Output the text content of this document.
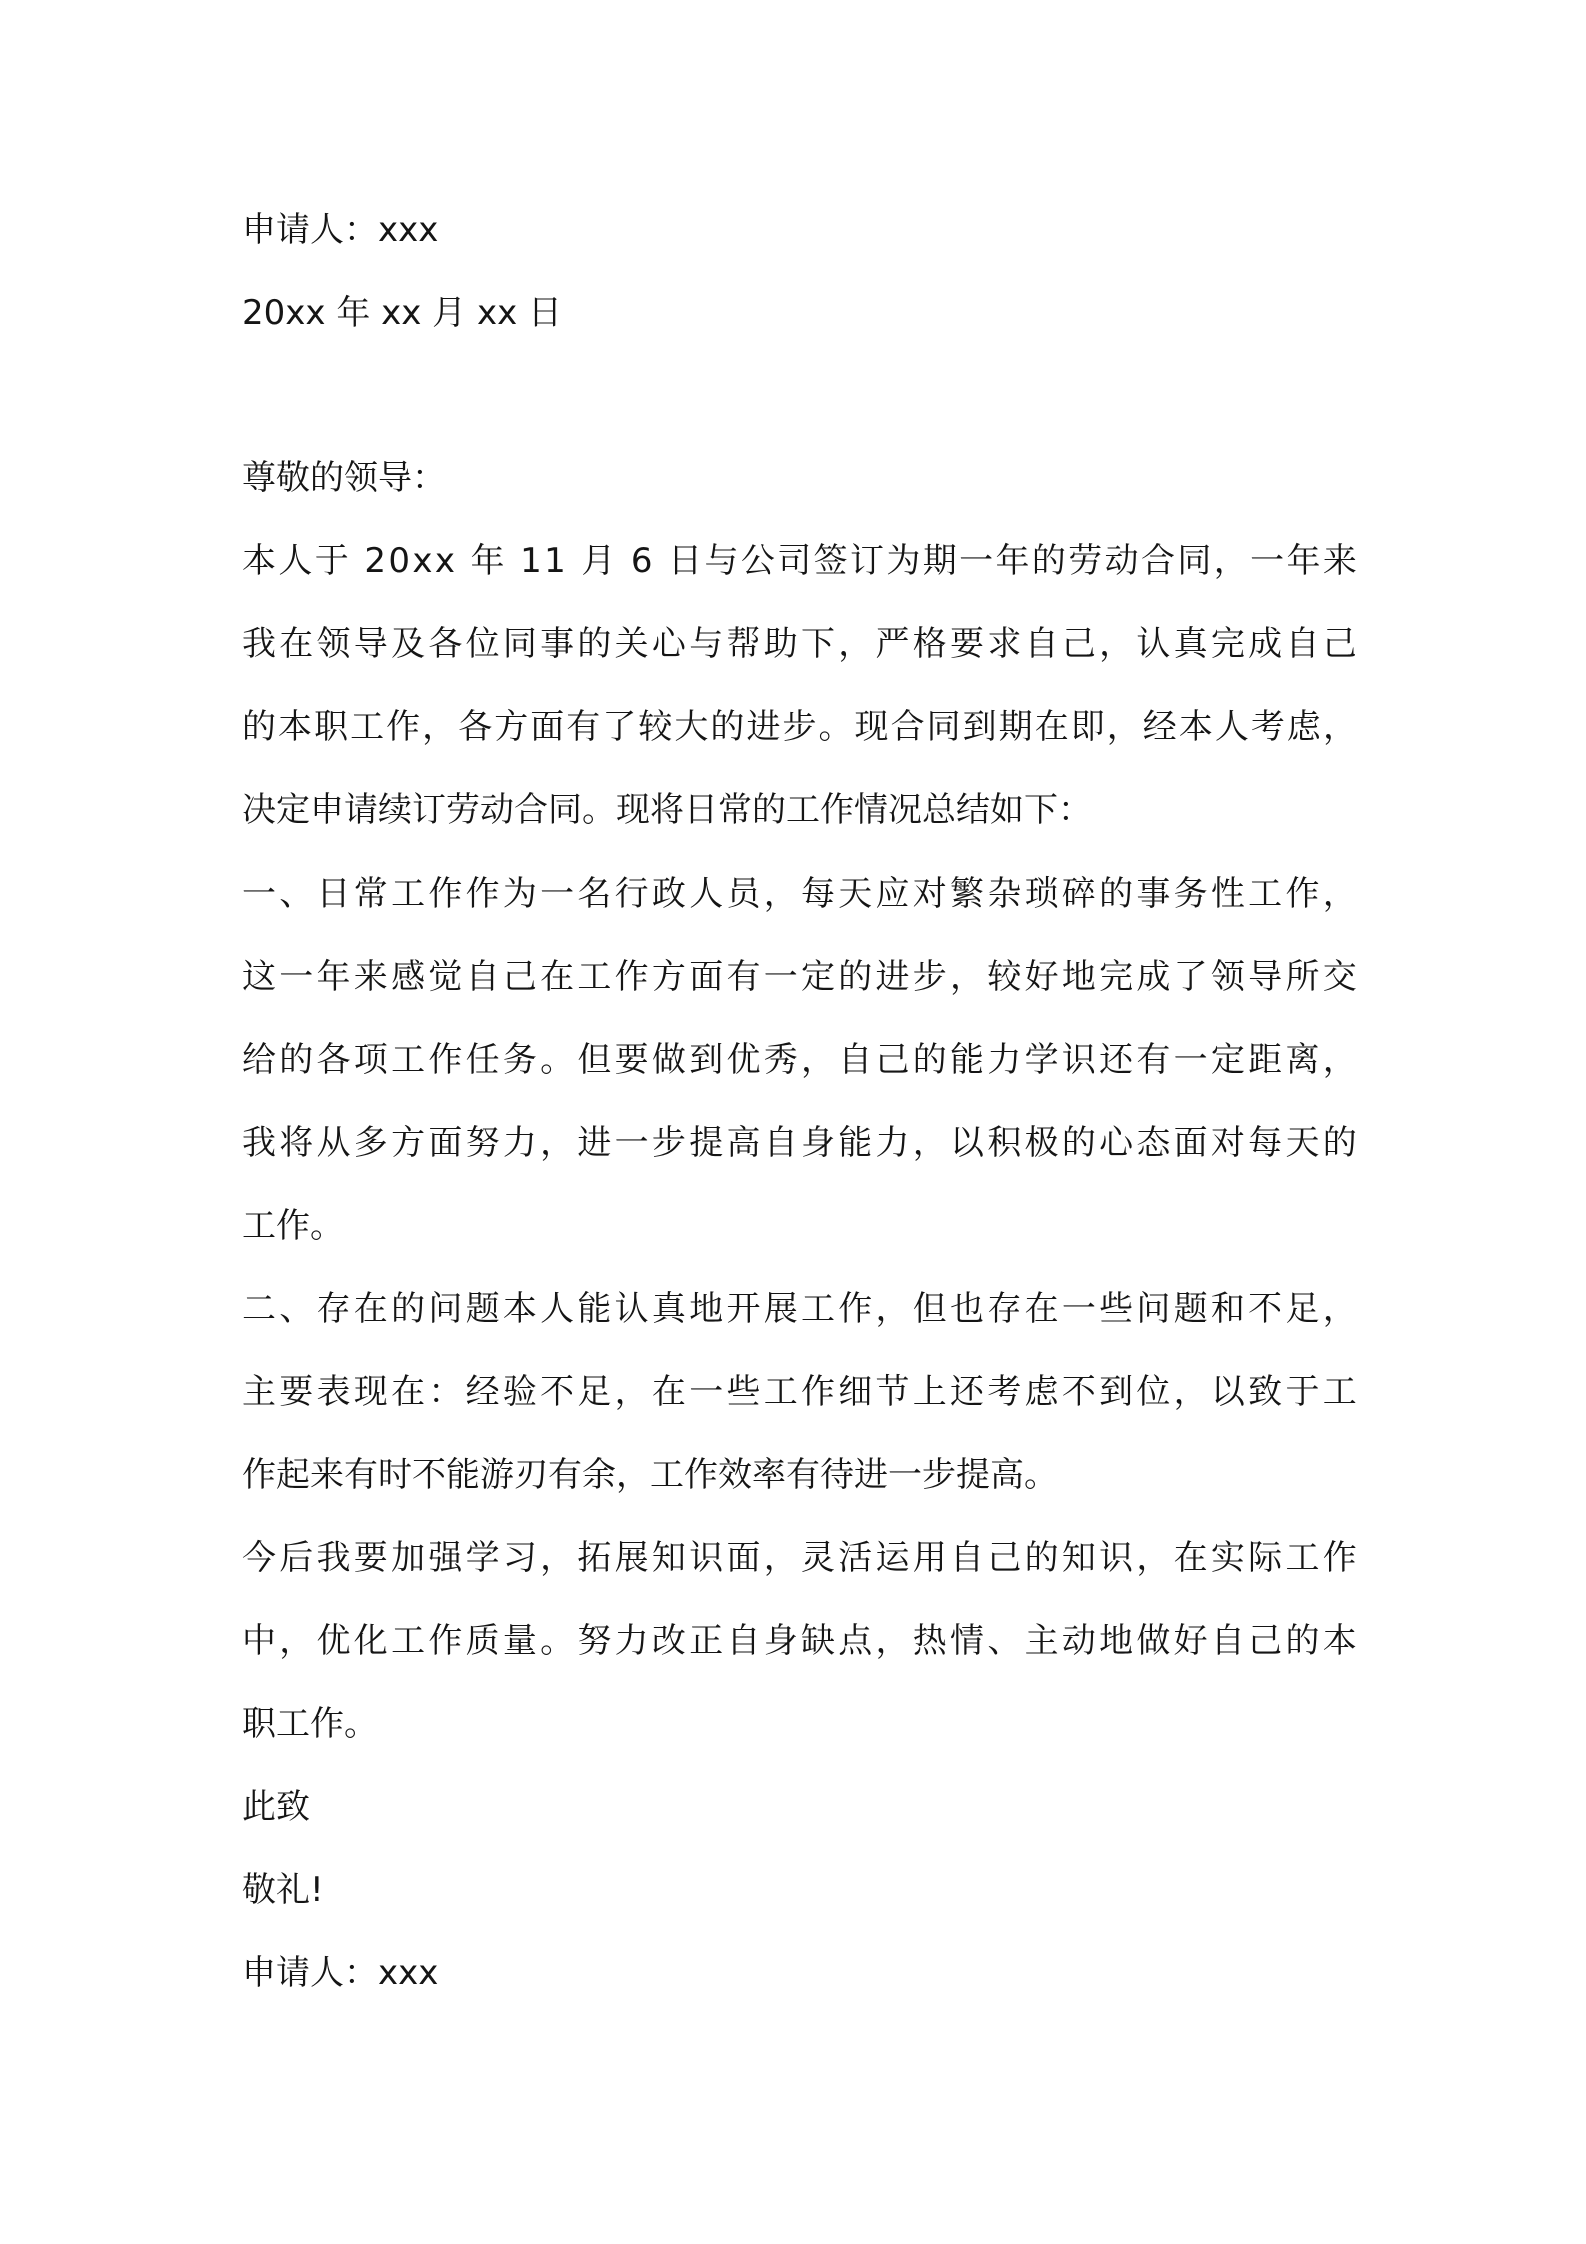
申请人：xxx
20xx 年 xx 月 xx 日
尊敬的领导：
本 人 于
2 0 x x
年
1 1
月
6
日 与 公 司 签 订 为 期 一 年 的 劳 动 合 同 ， 一 年 来
我 在 领 导 及 各 位 同 事 的 关 心 与 帮 助 下 ， 严 格 要 求 自 己 ， 认 真 完 成 自 己
的 本 职 工 作 ， 各 方 面 有 了 较 大 的 进 步 。 现 合 同 到 期 在 即 ， 经 本 人 考 虑 ，
决定申请续订劳动合同。现将日常的工作情况总结如下：
一 、 日 常 工 作 作 为 一 名 行 政 人 员 ， 每 天 应 对 繁 杂 琐 碎 的 事 务 性 工 作 ，
这 一 年 来 感 觉 自 己 在 工 作 方 面 有 一 定 的 进 步 ， 较 好 地 完 成 了 领 导 所 交
给 的 各 项 工 作 任 务 。 但 要 做 到 优 秀 ， 自 己 的 能 力 学 识 还 有 一 定 距 离 ，
我 将 从 多 方 面 努 力 ， 进 一 步 提 高 自 身 能 力 ， 以 积 极 的 心 态 面 对 每 天 的
工作。
二 、 存 在 的 问 题 本 人 能 认 真 地 开 展 工 作 ， 但 也 存 在 一 些 问 题 和 不 足 ，
主 要 表 现 在 ： 经 验 不 足 ， 在 一 些 工 作 细 节 上 还 考 虑 不 到 位 ， 以 致 于 工
作起来有时不能游刃有余，工作效率有待进一步提高。
今 后 我 要 加 强 学 习 ， 拓 展 知 识 面 ， 灵 活 运 用 自 己 的 知 识 ， 在 实 际 工 作
中 ， 优 化 工 作 质 量 。 努 力 改 正 自 身 缺 点 ， 热 情 、 主 动 地 做 好 自 己 的 本
职工作。
此致
敬礼!
申请人：xxx
